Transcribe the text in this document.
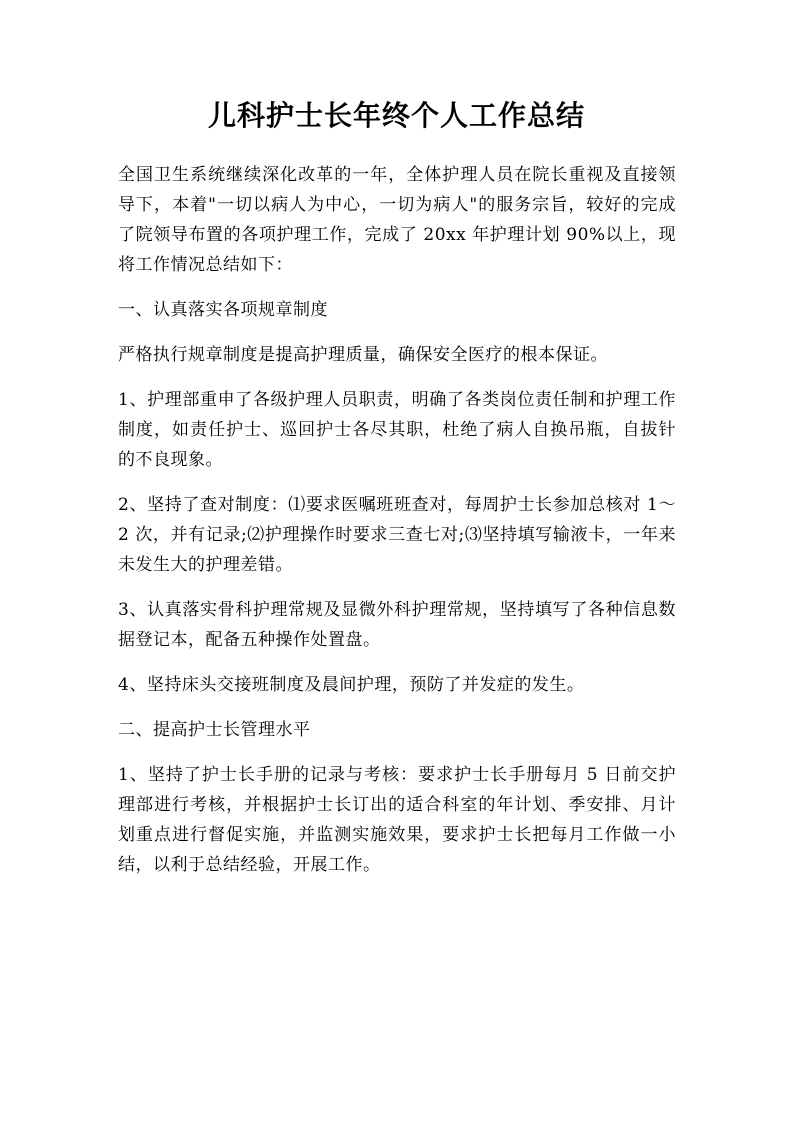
儿科护士长年终个人工作总结

全国卫生系统继续深化改革的一年，全体护理人员在院长重视及直接领导下，本着"一切以病人为中心，一切为病人"的服务宗旨，较好的完成了院领导布置的各项护理工作，完成了 20xx 年护理计划 90%以上，现将工作情况总结如下：

一、认真落实各项规章制度

严格执行规章制度是提高护理质量，确保安全医疗的根本保证。

1、护理部重申了各级护理人员职责，明确了各类岗位责任制和护理工作制度，如责任护士、巡回护士各尽其职，杜绝了病人自换吊瓶，自拔针的不良现象。

2、坚持了查对制度：⑴要求医嘱班班查对，每周护士长参加总核对 1～2 次，并有记录;⑵护理操作时要求三查七对;⑶坚持填写输液卡，一年来未发生大的护理差错。

3、认真落实骨科护理常规及显微外科护理常规，坚持填写了各种信息数据登记本，配备五种操作处置盘。

4、坚持床头交接班制度及晨间护理，预防了并发症的发生。

二、提高护士长管理水平

1、坚持了护士长手册的记录与考核：要求护士长手册每月 5 日前交护理部进行考核，并根据护士长订出的适合科室的年计划、季安排、月计划重点进行督促实施，并监测实施效果，要求护士长把每月工作做一小结，以利于总结经验，开展工作。
